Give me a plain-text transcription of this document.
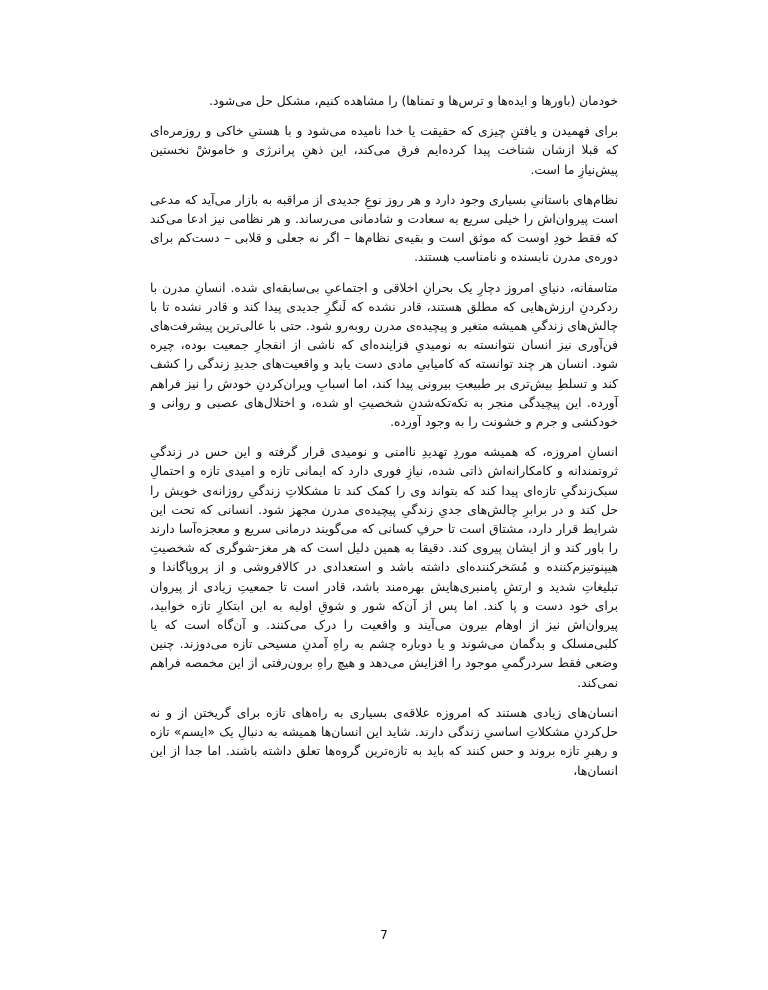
خودمان (باورها و ایده‌ها و ترس‌ها و تمناها) را مشاهده کنیم، مشکل حل می‌شود.

برای فهمیدن و یافتنِ چیزی که حقیقت یا خدا نامیده می‌شود و با هستیِ خاکی و روزمره‌ای که قبلا ازشان شناخت پیدا کرده‌ایم فرق می‌کند، این ذهنِ پرانرژی و خاموشْ نخستین پیش‌نیازِ ما است.

نظام‌های باستانیِ بسیاری وجود دارد و هر روز نوعِ جدیدی از مراقبه به بازار می‌آید که مدعی است پیروان‌اش را خیلی سریع به سعادت و شادمانی می‌رساند. و هر نظامی نیز ادعا می‌کند که فقط خودِ اوست که موثق است و بقیه‌ی نظام‌ها – اگر نه جعلی و قلابی – دست‌کم برای دوره‌ی مدرن نابسنده و نامناسب هستند.

متاسفانه، دنیایِ امروز دچارِ یک بحرانِ اخلاقی و اجتماعیِ بی‌سابقه‌ای شده. انسانِ مدرن با ردکردنِ ارزش‌هایی که مطلق هستند، قادر نشده که لَنگرِ جدیدی پیدا کند و قادر نشده تا با چالش‌های زندگیِ همیشه متغیر و پیچیده‌ی مدرن روبه‌رو شود. حتی با عالی‌ترین پیشرفت‌های فن‌آوری نیز انسان نتوانسته به نومیدیِ فزاینده‌ای که ناشی از انفجارِ جمعیت بوده، چیره شود. انسان هر چند توانسته که کامیابیِ مادی دست یابد و واقعیت‌های جدیدِ زندگی را کشف کند و تسلطِ بیش‌تری بر طبیعتِ بیرونی پیدا کند، اما اسبابِ ویران‌کردنِ خودش را نیز فراهم آورده. این پیچیدگی منجر به تکه‌تکه‌شدنِ شخصیتِ او شده، و اختلال‌های عصبی و روانی و خودکشی و جرم و خشونت را به وجود آورده.

انسانِ امروزه، که همیشه موردِ تهدیدِ ناامنی و نومیدی قرار گرفته و این حس در زندگیِ ثروتمندانه و کامکارانه‌اش ذاتی شده، نیازِ فوری دارد که ایمانی تازه و امیدی تازه و احتمالِ سبک‌زندگیِ تازه‌ای پیدا کند که بتواند وی را کمک کند تا مشکلاتِ زندگیِ روزانه‌ی خویش را حل کند و در برابرِ چالش‌های جدیِ زندگیِ پیچیده‌ی مدرن مجهز شود. انسانی که تحت این شرایط قرار دارد، مشتاق است تا حرفِ کسانی که می‌گویند درمانی سریع و معجزه‌آسا دارند را باور کند و از ایشان پیروی کند. دقیقا به همین دلیل است که هر مغز-شوگری که شخصیتِ هیپنوتیزم‌کننده و مُسَخرکننده‌ای داشته باشد و استعدادی در کالافروشی و از پروپاگاندا و تبلیغاتِ شدید و ارتشِ پامنبری‌هایش بهره‌مند باشد، قادر است تا جمعیتِ زیادی از پیروان برای خود دست و پا کند. اما پس از آن‌که شور و شوقِ اولیه به این ابتکارِ تازه خوابید، پیروان‌اش نیز از اوهام بیرون می‌آیند و واقعیت را درک می‌کنند. و آن‌گاه است که یا کلبی‌مسلک و بدگمان می‌شوند و یا دوباره چشم به راهِ آمدنِ مسیحی تازه می‌دوزند. چنین وضعی فقط سردرگمیِ موجود را افزایش می‌دهد و هیچ راهِ برون‌رفتی از این مخمصه فراهم نمی‌کند.

انسان‌های زیادی هستند که امروزه علاقه‌ی بسیاری به راه‌های تازه برای گریختن از و نه حل‌کردنِ مشکلاتِ اساسیِ زندگی دارند. شاید این انسان‌ها همیشه به دنبالِ یک «ایسم» تازه و رهبرِ تازه بروند و حس کنند که باید به تازه‌ترین گروه‌ها تعلق داشته باشند. اما جدا از این انسان‌ها،

7
